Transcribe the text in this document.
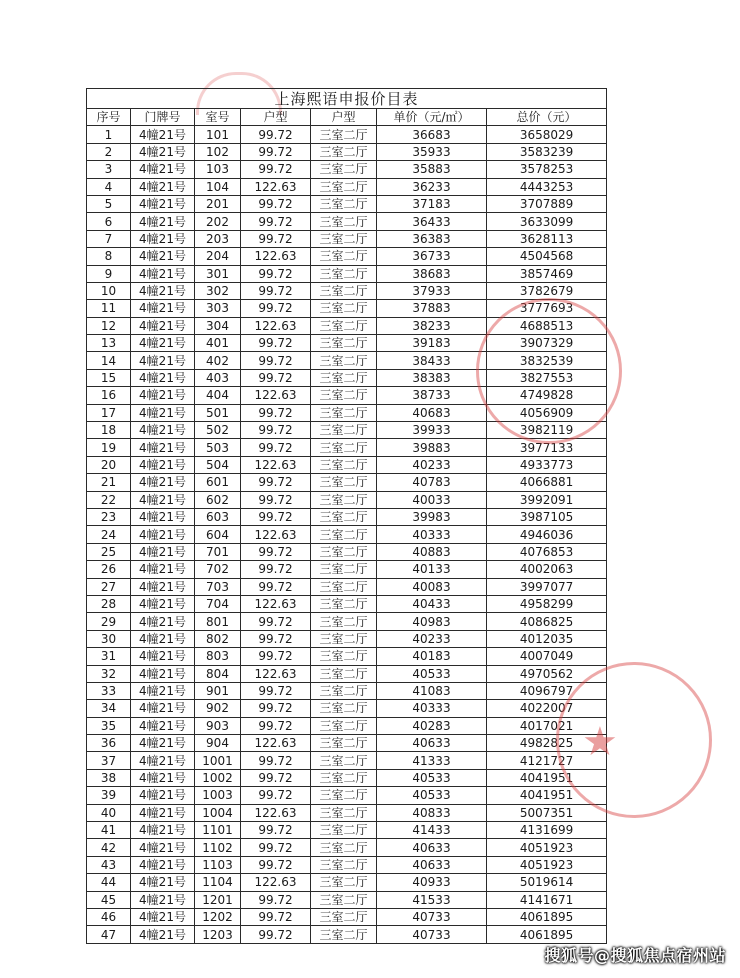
上海熙语申报价目表						
序号	门牌号	室号	户型	户型	单价（元/㎡）	总价（元）
1	4幢21号	101	99.72	三室二厅	36683	3658029
2	4幢21号	102	99.72	三室二厅	35933	3583239
3	4幢21号	103	99.72	三室二厅	35883	3578253
4	4幢21号	104	122.63	三室二厅	36233	4443253
5	4幢21号	201	99.72	三室二厅	37183	3707889
6	4幢21号	202	99.72	三室二厅	36433	3633099
7	4幢21号	203	99.72	三室二厅	36383	3628113
8	4幢21号	204	122.63	三室二厅	36733	4504568
9	4幢21号	301	99.72	三室二厅	38683	3857469
10	4幢21号	302	99.72	三室二厅	37933	3782679
11	4幢21号	303	99.72	三室二厅	37883	3777693
12	4幢21号	304	122.63	三室二厅	38233	4688513
13	4幢21号	401	99.72	三室二厅	39183	3907329
14	4幢21号	402	99.72	三室二厅	38433	3832539
15	4幢21号	403	99.72	三室二厅	38383	3827553
16	4幢21号	404	122.63	三室二厅	38733	4749828
17	4幢21号	501	99.72	三室二厅	40683	4056909
18	4幢21号	502	99.72	三室二厅	39933	3982119
19	4幢21号	503	99.72	三室二厅	39883	3977133
20	4幢21号	504	122.63	三室二厅	40233	4933773
21	4幢21号	601	99.72	三室二厅	40783	4066881
22	4幢21号	602	99.72	三室二厅	40033	3992091
23	4幢21号	603	99.72	三室二厅	39983	3987105
24	4幢21号	604	122.63	三室二厅	40333	4946036
25	4幢21号	701	99.72	三室二厅	40883	4076853
26	4幢21号	702	99.72	三室二厅	40133	4002063
27	4幢21号	703	99.72	三室二厅	40083	3997077
28	4幢21号	704	122.63	三室二厅	40433	4958299
29	4幢21号	801	99.72	三室二厅	40983	4086825
30	4幢21号	802	99.72	三室二厅	40233	4012035
31	4幢21号	803	99.72	三室二厅	40183	4007049
32	4幢21号	804	122.63	三室二厅	40533	4970562
33	4幢21号	901	99.72	三室二厅	41083	4096797
34	4幢21号	902	99.72	三室二厅	40333	4022007
35	4幢21号	903	99.72	三室二厅	40283	4017021
36	4幢21号	904	122.63	三室二厅	40633	4982825
37	4幢21号	1001	99.72	三室二厅	41333	4121727
38	4幢21号	1002	99.72	三室二厅	40533	4041951
39	4幢21号	1003	99.72	三室二厅	40533	4041951
40	4幢21号	1004	122.63	三室二厅	40833	5007351
41	4幢21号	1101	99.72	三室二厅	41433	4131699
42	4幢21号	1102	99.72	三室二厅	40633	4051923
43	4幢21号	1103	99.72	三室二厅	40633	4051923
44	4幢21号	1104	122.63	三室二厅	40933	5019614
45	4幢21号	1201	99.72	三室二厅	41533	4141671
46	4幢21号	1202	99.72	三室二厅	40733	4061895
47	4幢21号	1203	99.72	三室二厅	40733	4061895
★
搜狐号@搜狐焦点宿州站
